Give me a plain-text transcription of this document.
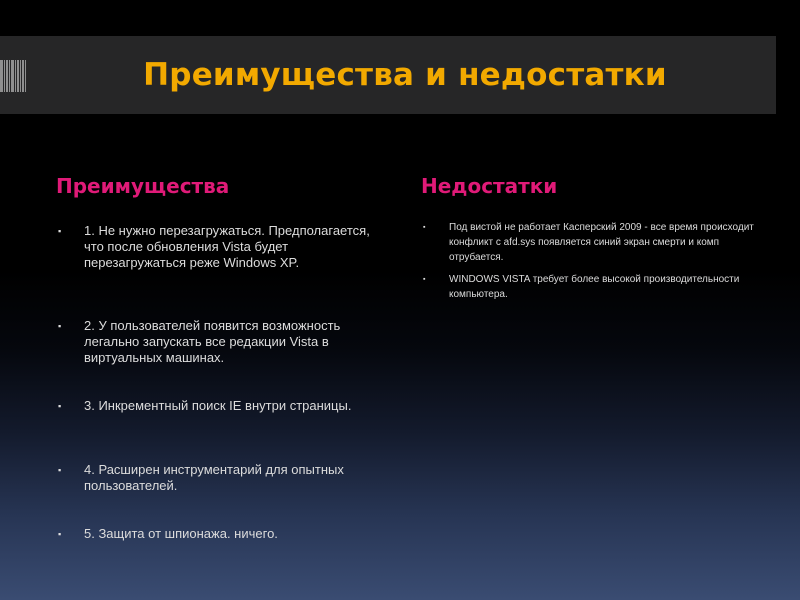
Преимущества и недостатки
Преимущества	Недостатки
▪	1. Не нужно перезагружаться. Предполагается, что после обновления Vista будет перезагружаться реже Windows XP.
▪	2. У пользователей появится возможность легально запускать все редакции Vista в виртуальных машинах.
▪	3. Инкрементный поиск IE внутри страницы.
▪	4. Расширен инструментарий для опытных пользователей.
▪	5. Защита от шпионажа. ничего.
▪	Под вистой не работает Касперский 2009 - все время происходит конфликт с afd.sys появляется синий экран смерти и комп отрубается.
▪	WINDOWS VISTA требует более высокой производительности компьютера.
